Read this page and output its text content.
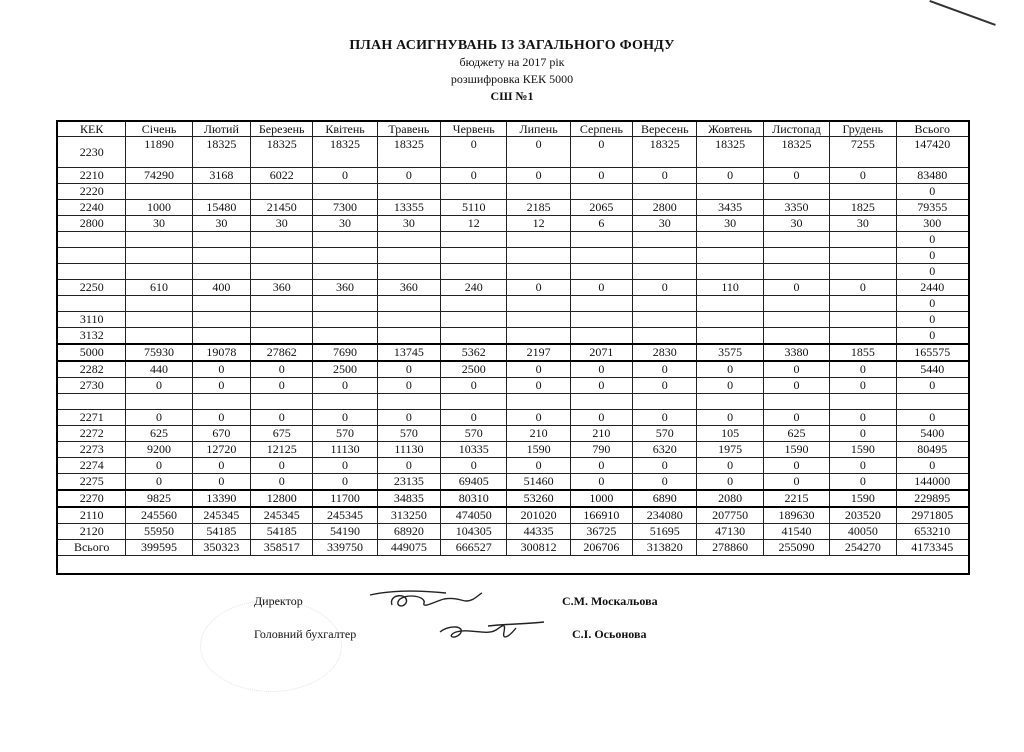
ПЛАН АСИГНУВАНЬ ІЗ ЗАГАЛЬНОГО ФОНДУ
бюджету на 2017 рік
розшифровка КЕК 5000
СШ №1
КЕК	Січень	Лютий	Березень	Квітень	Травень	Червень	Липень	Серпень	Вересень	Жовтень	Листопад	Грудень	Всього
2230	11890	18325	18325	18325	18325	0	0	0	18325	18325	18325	7255	147420
2210	74290	3168	6022	0	0	0	0	0	0	0	0	0	83480
2220													0
2240	1000	15480	21450	7300	13355	5110	2185	2065	2800	3435	3350	1825	79355
2800	30	30	30	30	30	12	12	6	30	30	30	30	300
													0
													0
													0
2250	610	400	360	360	360	240	0	0	0	110	0	0	2440
													0
3110													0
3132													0
5000	75930	19078	27862	7690	13745	5362	2197	2071	2830	3575	3380	1855	165575
2282	440	0	0	2500	0	2500	0	0	0	0	0	0	5440
2730	0	0	0	0	0	0	0	0	0	0	0	0	0

2271	0	0	0	0	0	0	0	0	0	0	0	0	0
2272	625	670	675	570	570	570	210	210	570	105	625	0	5400
2273	9200	12720	12125	11130	11130	10335	1590	790	6320	1975	1590	1590	80495
2274	0	0	0	0	0	0	0	0	0	0	0	0	0
2275	0	0	0	0	23135	69405	51460	0	0	0	0	0	144000
2270	9825	13390	12800	11700	34835	80310	53260	1000	6890	2080	2215	1590	229895
2110	245560	245345	245345	245345	313250	474050	201020	166910	234080	207750	189630	203520	2971805
2120	55950	54185	54185	54190	68920	104305	44335	36725	51695	47130	41540	40050	653210
Всього	399595	350323	358517	339750	449075	666527	300812	206706	313820	278860	255090	254270	4173345
Директор	С.М. Москальова
Головний бухгалтер	С.І. Осьонова
